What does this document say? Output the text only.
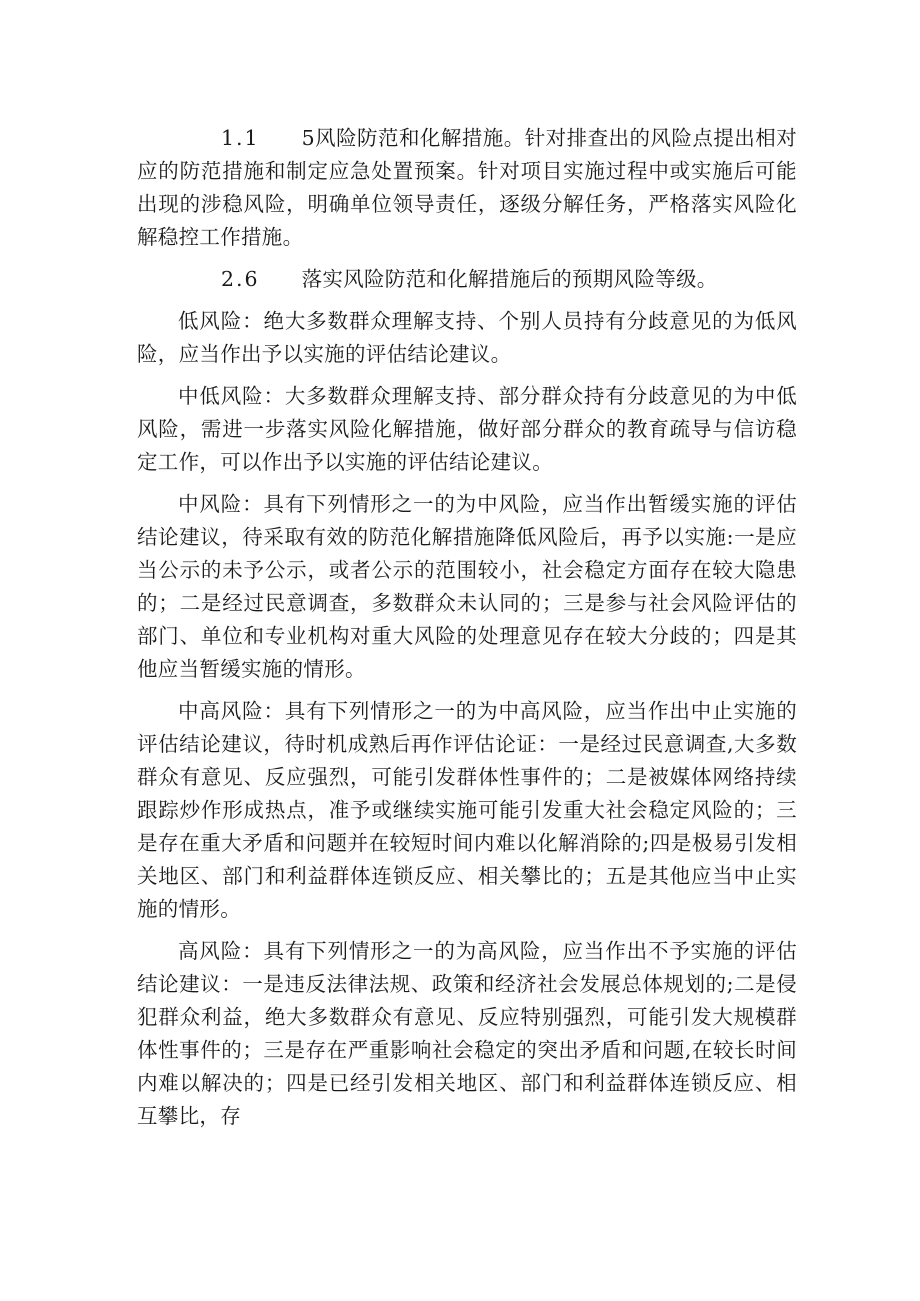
1.1 5风险防范和化解措施。针对排查出的风险点提出相对应的防范措施和制定应急处置预案。针对项目实施过程中或实施后可能出现的涉稳风险，明确单位领导责任，逐级分解任务，严格落实风险化解稳控工作措施。

2.6 落实风险防范和化解措施后的预期风险等级。

低风险：绝大多数群众理解支持、个别人员持有分歧意见的为低风险，应当作出予以实施的评估结论建议。

中低风险：大多数群众理解支持、部分群众持有分歧意见的为中低风险，需进一步落实风险化解措施，做好部分群众的教育疏导与信访稳定工作，可以作出予以实施的评估结论建议。

中风险：具有下列情形之一的为中风险，应当作出暂缓实施的评估结论建议，待采取有效的防范化解措施降低风险后，再予以实施:一是应当公示的未予公示，或者公示的范围较小，社会稳定方面存在较大隐患的；二是经过民意调查，多数群众未认同的；三是参与社会风险评估的部门、单位和专业机构对重大风险的处理意见存在较大分歧的；四是其他应当暂缓实施的情形。

中高风险：具有下列情形之一的为中高风险，应当作出中止实施的评估结论建议，待时机成熟后再作评估论证：一是经过民意调查,大多数群众有意见、反应强烈，可能引发群体性事件的；二是被媒体网络持续跟踪炒作形成热点，准予或继续实施可能引发重大社会稳定风险的；三是存在重大矛盾和问题并在较短时间内难以化解消除的;四是极易引发相关地区、部门和利益群体连锁反应、相关攀比的；五是其他应当中止实施的情形。

高风险：具有下列情形之一的为高风险，应当作出不予实施的评估结论建议：一是违反法律法规、政策和经济社会发展总体规划的;二是侵犯群众利益，绝大多数群众有意见、反应特别强烈，可能引发大规模群体性事件的；三是存在严重影响社会稳定的突出矛盾和问题,在较长时间内难以解决的；四是已经引发相关地区、部门和利益群体连锁反应、相互攀比，存
